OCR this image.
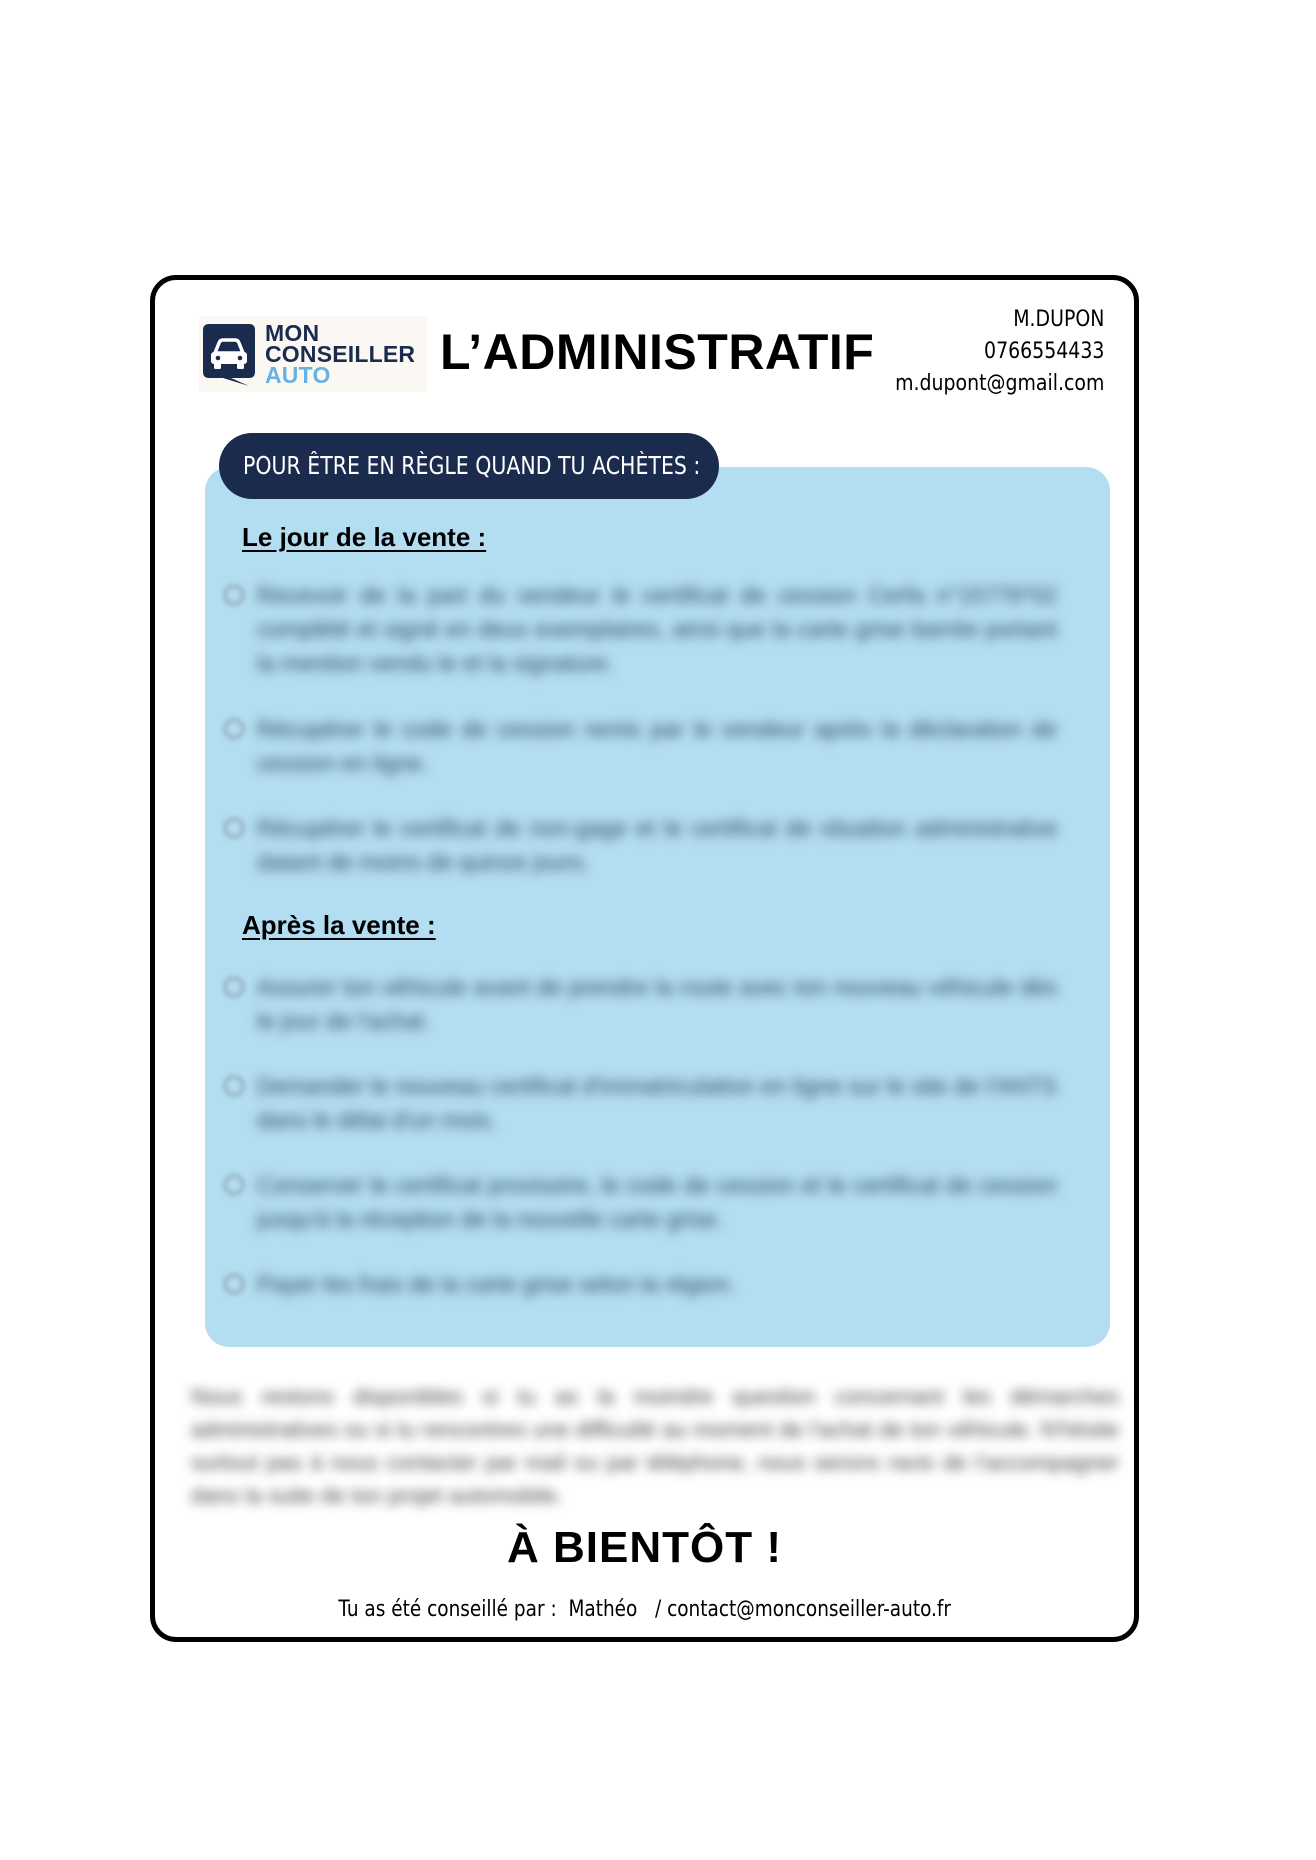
MON
CONSEILLER
AUTO	L’ADMINISTRATIF
M.DUPON
0766554433
m.dupont@gmail.com
POUR ÊTRE EN RÈGLE QUAND TU ACHÈTES :
Le jour de la vente :
Recevoir de la part du vendeur le certificat de cession Cerfa n°15776*02 complété et signé en deux exemplaires, ainsi que la carte grise barrée portant la mention vendu le et la signature.
Récupérer le code de cession remis par le vendeur après la déclaration de cession en ligne.
Récupérer le certificat de non-gage et le certificat de situation administrative datant de moins de quinze jours.
Après la vente :
Assurer ton véhicule avant de prendre la route avec ton nouveau véhicule dès le jour de l'achat.
Demander le nouveau certificat d'immatriculation en ligne sur le site de l'ANTS dans le délai d'un mois.
Conserver le certificat provisoire, le code de cession et le certificat de cession jusqu'à la réception de la nouvelle carte grise.
Payer les frais de la carte grise selon la région.
Nous restons disponibles si tu as la moindre question concernant les démarches administratives ou si tu rencontres une difficulté au moment de l'achat de ton véhicule. N'hésite surtout pas à nous contacter par mail ou par téléphone, nous serons ravis de t'accompagner dans la suite de ton projet automobile.
À BIENTÔT !
Tu as été conseillé par : Mathéo / contact@monconseiller-auto.fr
